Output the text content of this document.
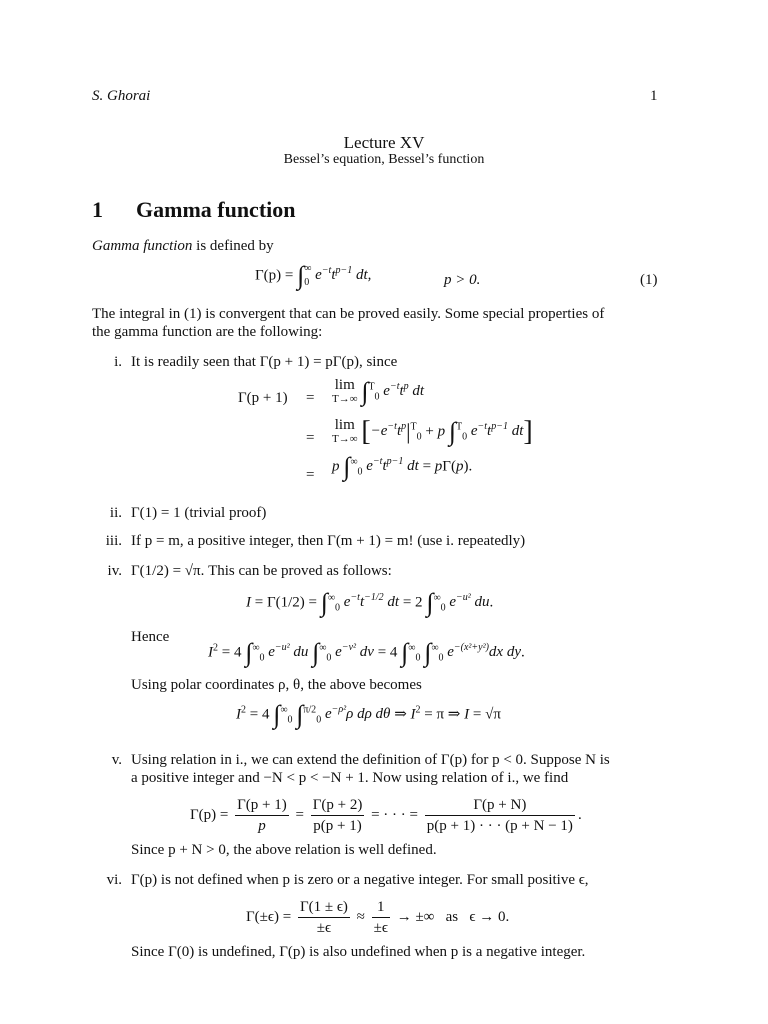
S. Ghorai	1
Lecture XV
Bessel’s equation, Bessel’s function
1 Gamma function
Gamma function is defined by
Γ(p) = ∫ ∞
0 $e^{-t}t^{p-1}$ dt,	p > 0.	(1)
The integral in (1) is convergent that can be proved easily. Some special properties of
the gamma function are the following:
i. It is readily seen that Γ(p + 1) = pΓ(p), since
Γ(p + 1) =
lim
T→∞ ∫$^T_0$ $e^{-t}t^p$ dt
=
lim
T→∞ [$-e^{-t}t^p|^T_0 + p$ ∫$^T_0$ $e^{-t}t^{p-1}$ dt]
=
p $\int^\infty_0$ $e^{-t}t^{p-1}$ dt = pΓ(p).
ii. Γ(1) = 1 (trivial proof)
iii. If p = m, a positive integer, then Γ(m + 1) = m! (use i. repeatedly)
iv. Γ(1/2) = √π. This can be proved as follows:
$I = \Gamma(1/2) = \int^\infty_0$ $e^{-t}t^{-1/2}$ dt = 2 $\int^\infty_0$ $e^{-u^2}$ du.
Hence
$I^2 = 4$ $\int^\infty_0$ $e^{-u^2}$ du $\int^\infty_0$ $e^{-v^2}$ dv = 4 $\int^\infty_0$ $\int^\infty_0$ $e^{-(x^2+y^2)}dx$ dy.
Using polar coordinates ρ, θ, the above becomes
$I^2 = 4$ $\int^\infty_0$ ∫$^{\pi/2}_0$ $e^{-\rho^2}\rho$ dρ dθ ⇒ $I^2 = \pi$ ⇒ I = √π
v. Using relation in i., we can extend the definition of Γ(p) for p < 0. Suppose N is
a positive integer and −N < p < −N + 1. Now using relation of i., we find
$\Gamma(p) = \frac{\Gamma(p + 1)}{p} = \frac{\Gamma(p + 2)}{p(p + 1)}$ = · · · = $\frac{\Gamma(p + N)}{p(p + 1) \cdot \cdot \cdot (p + N - 1)}$ .
Since p + N > 0, the above relation is well defined.
vi. Γ(p) is not defined when p is zero or a negative integer. For small positive ϵ,
$\Gamma(\pm\epsilon) = \frac{\Gamma(1 \pm \epsilon)}{\pm\epsilon} \approx \frac{1}{\pm\epsilon}$ → ±∞   as   ϵ → 0.
Since Γ(0) is undefined, Γ(p) is also undefined when p is a negative integer.
